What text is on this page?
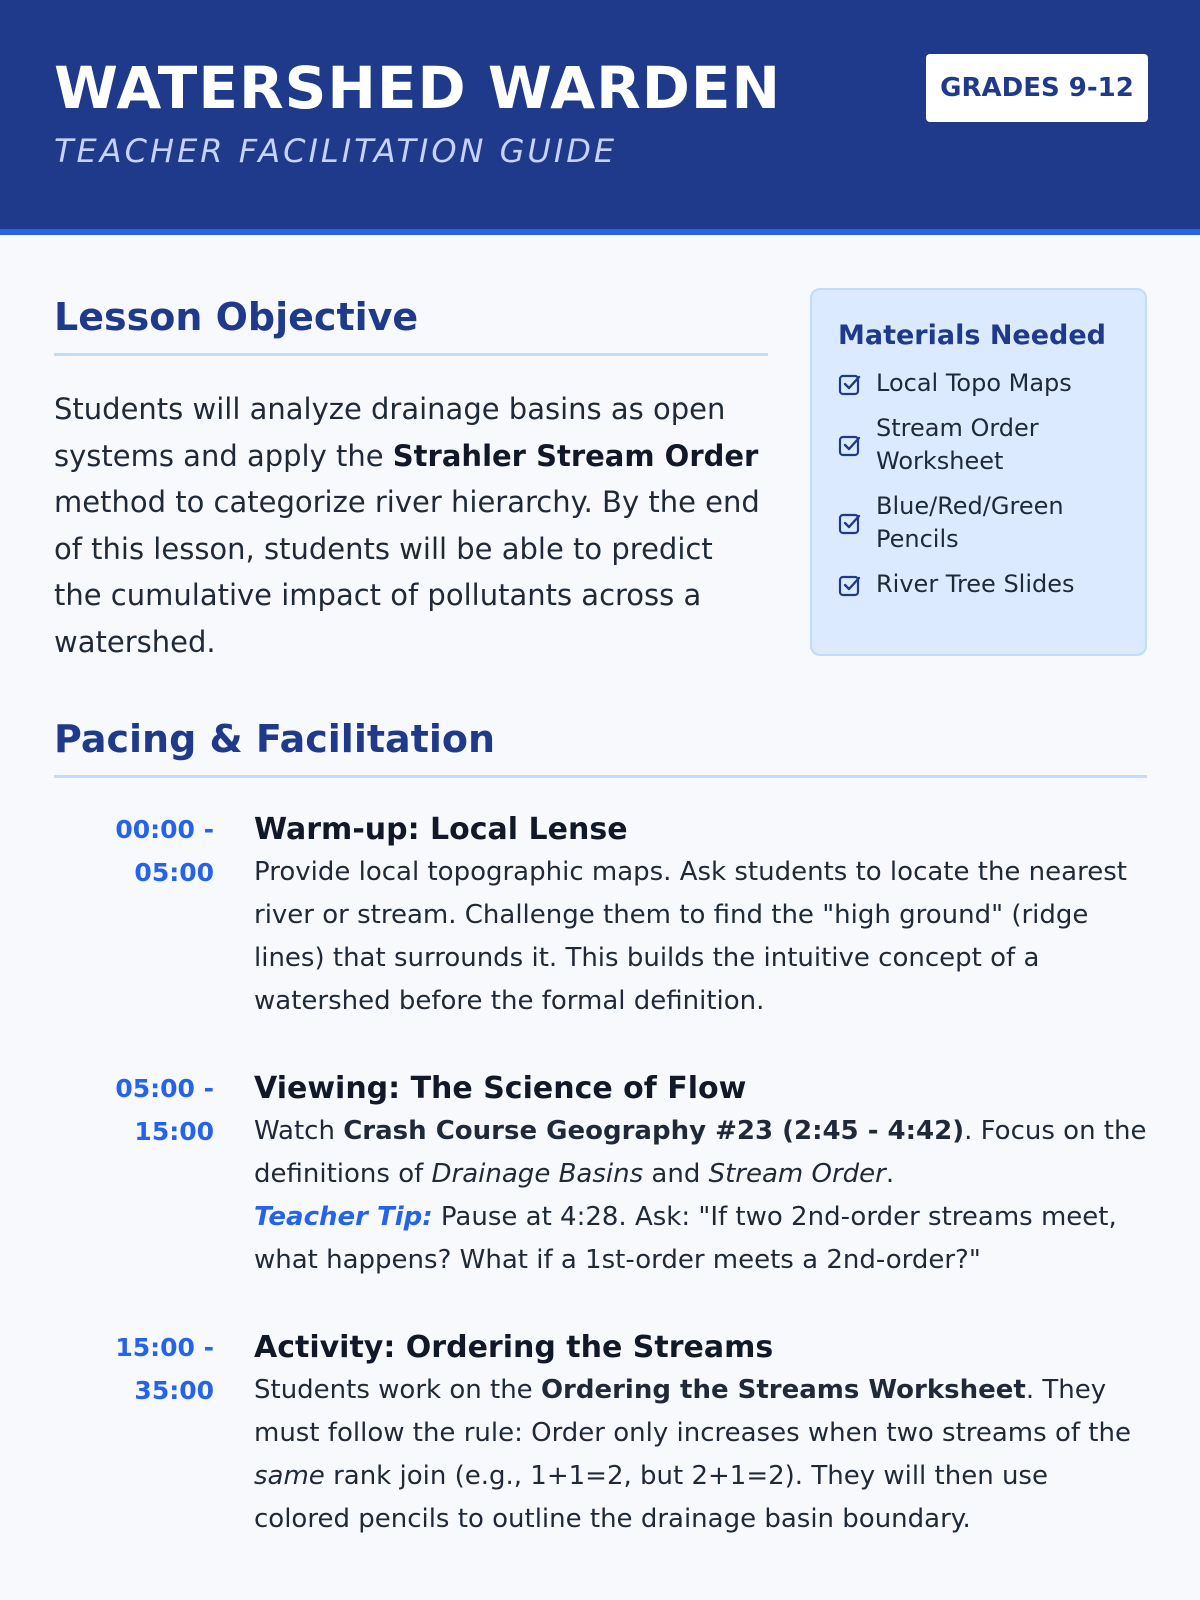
WATERSHED WARDEN
TEACHER FACILITATION GUIDE
GRADES 9-12
Lesson Objective
Students will analyze drainage basins as open systems and apply the Strahler Stream Order method to categorize river hierarchy. By the end of this lesson, students will be able to predict the cumulative impact of pollutants across a watershed.
Materials Needed
Local Topo Maps
Stream Order Worksheet
Blue/Red/Green Pencils
River Tree Slides
Pacing & Facilitation
00:00 -
05:00
Warm-up: Local Lense
Provide local topographic maps. Ask students to locate the nearest river or stream. Challenge them to find the "high ground" (ridge lines) that surrounds it. This builds the intuitive concept of a watershed before the formal definition.
05:00 -
15:00
Viewing: The Science of Flow
Watch Crash Course Geography #23 (2:45 - 4:42). Focus on the definitions of Drainage Basins and Stream Order.
Teacher Tip: Pause at 4:28. Ask: "If two 2nd-order streams meet, what happens? What if a 1st-order meets a 2nd-order?"
15:00 -
35:00
Activity: Ordering the Streams
Students work on the Ordering the Streams Worksheet. They must follow the rule: Order only increases when two streams of the same rank join (e.g., 1+1=2, but 2+1=2). They will then use colored pencils to outline the drainage basin boundary.
